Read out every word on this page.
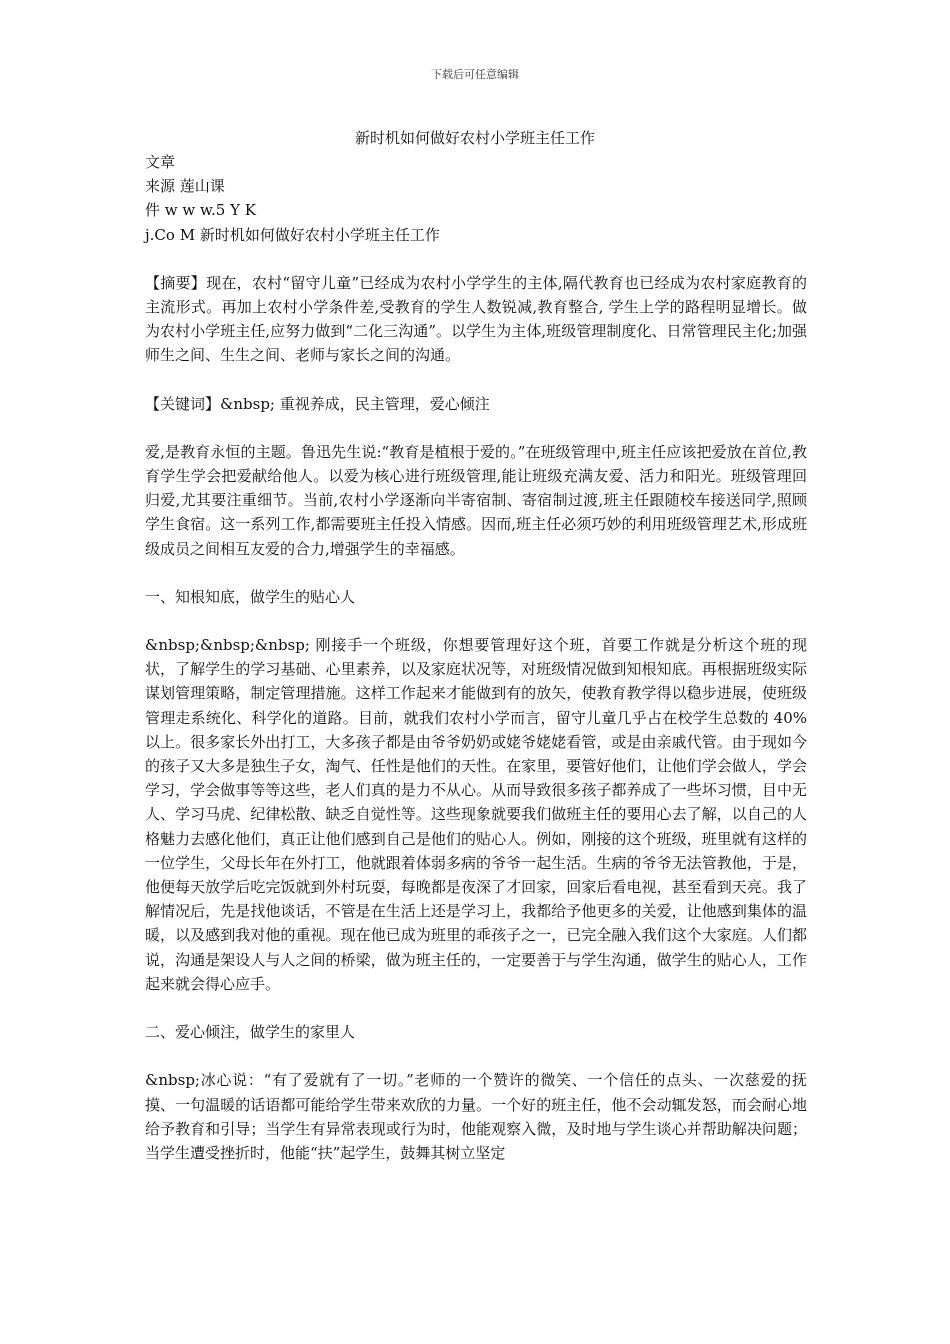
下载后可任意编辑
新时机如何做好农村小学班主任工作
文章
来源 莲山课
件 w w w.5 Y K
j.Co M 新时机如何做好农村小学班主任工作

【摘要】现在，农村“留守儿童”已经成为农村小学学生的主体,隔代教育也已经成为农村家庭教育的主流形式。再加上农村小学条件差,受教育的学生人数锐减,教育整合, 学生上学的路程明显增长。做为农村小学班主任,应努力做到“二化三沟通”。以学生为主体,班级管理制度化、日常管理民主化;加强师生之间、生生之间、老师与家长之间的沟通。

【关键词】&nbsp; 重视养成，民主管理，爱心倾注

爱,是教育永恒的主题。鲁迅先生说:“教育是植根于爱的。”在班级管理中,班主任应该把爱放在首位,教育学生学会把爱献给他人。以爱为核心进行班级管理,能让班级充满友爱、活力和阳光。班级管理回归爱,尤其要注重细节。当前,农村小学逐渐向半寄宿制、寄宿制过渡,班主任跟随校车接送同学,照顾学生食宿。这一系列工作,都需要班主任投入情感。因而,班主任必须巧妙的利用班级管理艺术,形成班级成员之间相互友爱的合力,增强学生的幸福感。

一、知根知底，做学生的贴心人

&nbsp;&nbsp;&nbsp; 刚接手一个班级，你想要管理好这个班，首要工作就是分析这个班的现状，了解学生的学习基础、心里素养，以及家庭状况等，对班级情况做到知根知底。再根据班级实际谋划管理策略，制定管理措施。这样工作起来才能做到有的放矢，使教育教学得以稳步进展，使班级管理走系统化、科学化的道路。目前，就我们农村小学而言，留守儿童几乎占在校学生总数的 40%以上。很多家长外出打工，大多孩子都是由爷爷奶奶或姥爷姥姥看管，或是由亲戚代管。由于现如今的孩子又大多是独生子女，淘气、任性是他们的天性。在家里，要管好他们，让他们学会做人，学会学习，学会做事等等这些，老人们真的是力不从心。从而导致很多孩子都养成了一些坏习惯，目中无人、学习马虎、纪律松散、缺乏自觉性等。这些现象就要我们做班主任的要用心去了解，以自己的人格魅力去感化他们，真正让他们感到自己是他们的贴心人。例如，刚接的这个班级，班里就有这样的一位学生，父母长年在外打工，他就跟着体弱多病的爷爷一起生活。生病的爷爷无法管教他，于是，他便每天放学后吃完饭就到外村玩耍，每晚都是夜深了才回家，回家后看电视，甚至看到天亮。我了解情况后，先是找他谈话，不管是在生活上还是学习上，我都给予他更多的关爱，让他感到集体的温暖，以及感到我对他的重视。现在他已成为班里的乖孩子之一，已完全融入我们这个大家庭。人们都说，沟通是架设人与人之间的桥梁，做为班主任的，一定要善于与学生沟通，做学生的贴心人，工作起来就会得心应手。

二、爱心倾注，做学生的家里人

&nbsp;冰心说：“有了爱就有了一切。”老师的一个赞许的微笑、一个信任的点头、一次慈爱的抚摸、一句温暖的话语都可能给学生带来欢欣的力量。一个好的班主任，他不会动辄发怒，而会耐心地给予教育和引导；当学生有异常表现或行为时，他能观察入微，及时地与学生谈心并帮助解决问题；当学生遭受挫折时，他能“扶”起学生，鼓舞其树立坚定
